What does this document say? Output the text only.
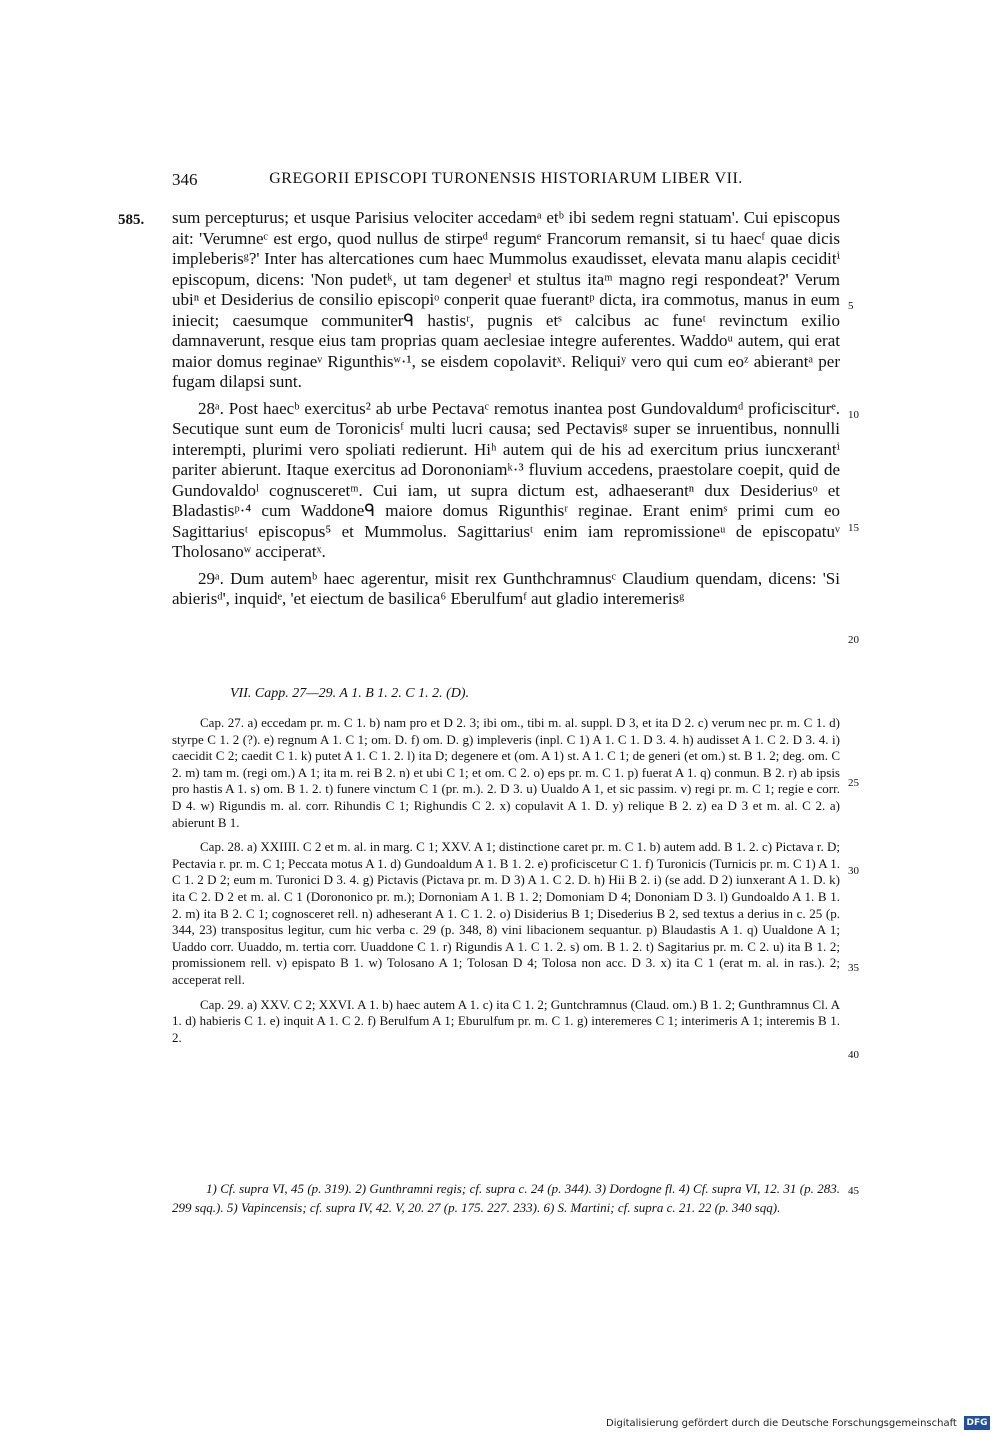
346	GREGORII EPISCOPI TURONENSIS HISTORIARUM LIBER VII.
585. sum percepturus; et usque Parisius velociter accedamᵃ etᵇ ibi sedem regni statuam'. Cui episcopus ait: 'Verumneᶜ est ergo, quod nullus de stirpeᵈ regumᵉ Francorum remansit, si tu haecᶠ quae dicis impleberisᵍ?' Inter has altercationes cum haec Mummolus exaudisset, elevata manu alapis ceciditⁱ episcopum, dicens: 'Non pudetᵏ, ut tam degenerˡ et stultus itaᵐ magno regi respondeat?' Verum ubiⁿ et Desiderius de consilio episcopiᵒ conperit quae fuerantᵖ dicta, ira commotus, manus in eum iniecit; caesumque communiterᑫ hastisʳ, pugnis etˢ calcibus ac funeᵗ revinctum exilio damnaverunt, resque eius tam proprias quam aeclesiae integre auferentes. Waddoᵘ autem, qui erat maior domus reginaeᵛ Rigunthisʷ·¹, se eisdem copolavitˣ. Reliquiʸ vero qui cum eoᶻ abierantᵃ per fugam dilapsi sunt.

28ᵃ. Post haecᵇ exercitus² ab urbe Pectavaᶜ remotus inantea post Gundovaldumᵈ proficisciturᵉ. Secutique sunt eum de Toronicisᶠ multi lucri causa; sed Pectavisᵍ super se inruentibus, nonnulli interempti, plurimi vero spoliati redierunt. Hiʰ autem qui de his ad exercitum prius iuncxerantⁱ pariter abierunt. Itaque exercitus ad Dorononiamᵏ·³ fluvium accedens, praestolare coepit, quid de Gundovaldoˡ cognusceretᵐ. Cui iam, ut supra dictum est, adhaeserantⁿ dux Desideriusᵒ et Bladastisᵖ·⁴ cum Waddoneᑫ maiore domus Rigunthisʳ reginae. Erant enimˢ primi cum eo Sagittariusᵗ episcopus⁵ et Mummolus. Sagittariusᵗ enim iam repromissioneᵘ de episcopatuᵛ Tholosanoʷ acciperatˣ.

29ᵃ. Dum autemᵇ haec agerentur, misit rex Gunthchramnusᶜ Claudium quendam, dicens: 'Si abierisᵈ', inquidᵉ, 'et eiectum de basilica⁶ Eberulfumᶠ aut gladio interemerisᵍ

5
10
15
20
25
30
35
40
45
VII. Capp. 27—29. A 1. B 1. 2. C 1. 2. (D).

Cap. 27. a) eccedam pr. m. C 1. b) nam pro et D 2. 3; ibi om., tibi m. al. suppl. D 3, et ita D 2. c) verum nec pr. m. C 1. d) styrpe C 1. 2 (?). e) regnum A 1. C 1; om. D. f) om. D. g) impleveris (inpl. C 1) A 1. C 1. D 3. 4. h) audisset A 1. C 2. D 3. 4. i) caecidit C 2; caedit C 1. k) putet A 1. C 1. 2. l) ita D; degenere et (om. A 1) st. A 1. C 1; de generi (et om.) st. B 1. 2; deg. om. C 2. m) tam m. (regi om.) A 1; ita m. rei B 2. n) et ubi C 1; et om. C 2. o) eps pr. m. C 1. p) fuerat A 1. q) conmun. B 2. r) ab ipsis pro hastis A 1. s) om. B 1. 2. t) funere vinctum C 1 (pr. m.). 2. D 3. u) Uualdo A 1, et sic passim. v) regi pr. m. C 1; regie e corr. D 4. w) Rigundis m. al. corr. Rihundis C 1; Righundis C 2. x) copulavit A 1. D. y) relique B 2. z) ea D 3 et m. al. C 2. a) abierunt B 1.

Cap. 28. a) XXIIII. C 2 et m. al. in marg. C 1; XXV. A 1; distinctione caret pr. m. C 1. b) autem add. B 1. 2. c) Pictava r. D; Pectavia r. pr. m. C 1; Peccata motus A 1. d) Gundoaldum A 1. B 1. 2. e) proficiscetur C 1. f) Turonicis (Turnicis pr. m. C 1) A 1. C 1. 2 D 2; eum m. Turonici D 3. 4. g) Pictavis (Pictava pr. m. D 3) A 1. C 2. D. h) Hii B 2. i) (se add. D 2) iunxerant A 1. D. k) ita C 2. D 2 et m. al. C 1 (Dorononico pr. m.); Dornoniam A 1. B 1. 2; Domoniam D 4; Dononiam D 3. l) Gundoaldo A 1. B 1. 2. m) ita B 2. C 1; cognosceret rell. n) adheserant A 1. C 1. 2. o) Disiderius B 1; Disederius B 2, sed textus a derius in c. 25 (p. 344, 23) transpositus legitur, cum hic verba c. 29 (p. 348, 8) vini libacionem sequantur. p) Blaudastis A 1. q) Uualdone A 1; Uaddo corr. Uuaddo, m. tertia corr. Uuaddone C 1. r) Rigundis A 1. C 1. 2. s) om. B 1. 2. t) Sagitarius pr. m. C 2. u) ita B 1. 2; promissionem rell. v) epispato B 1. w) Tolosano A 1; Tolosan D 4; Tolosa non acc. D 3. x) ita C 1 (erat m. al. in ras.). 2; acceperat rell.

Cap. 29. a) XXV. C 2; XXVI. A 1. b) haec autem A 1. c) ita C 1. 2; Guntchramnus (Claud. om.) B 1. 2; Gunthramnus Cl. A 1. d) habieris C 1. e) inquit A 1. C 2. f) Berulfum A 1; Eburulfum pr. m. C 1. g) interemeres C 1; interimeris A 1; interemis B 1. 2.

1) Cf. supra VI, 45 (p. 319). 2) Gunthramni regis; cf. supra c. 24 (p. 344). 3) Dordogne fl. 4) Cf. supra VI, 12. 31 (p. 283. 299 sqq.). 5) Vapincensis; cf. supra IV, 42. V, 20. 27 (p. 175. 227. 233). 6) S. Martini; cf. supra c. 21. 22 (p. 340 sqq).

Digitalisierung gefördert durch die Deutsche Forschungsgemeinschaft DFG
